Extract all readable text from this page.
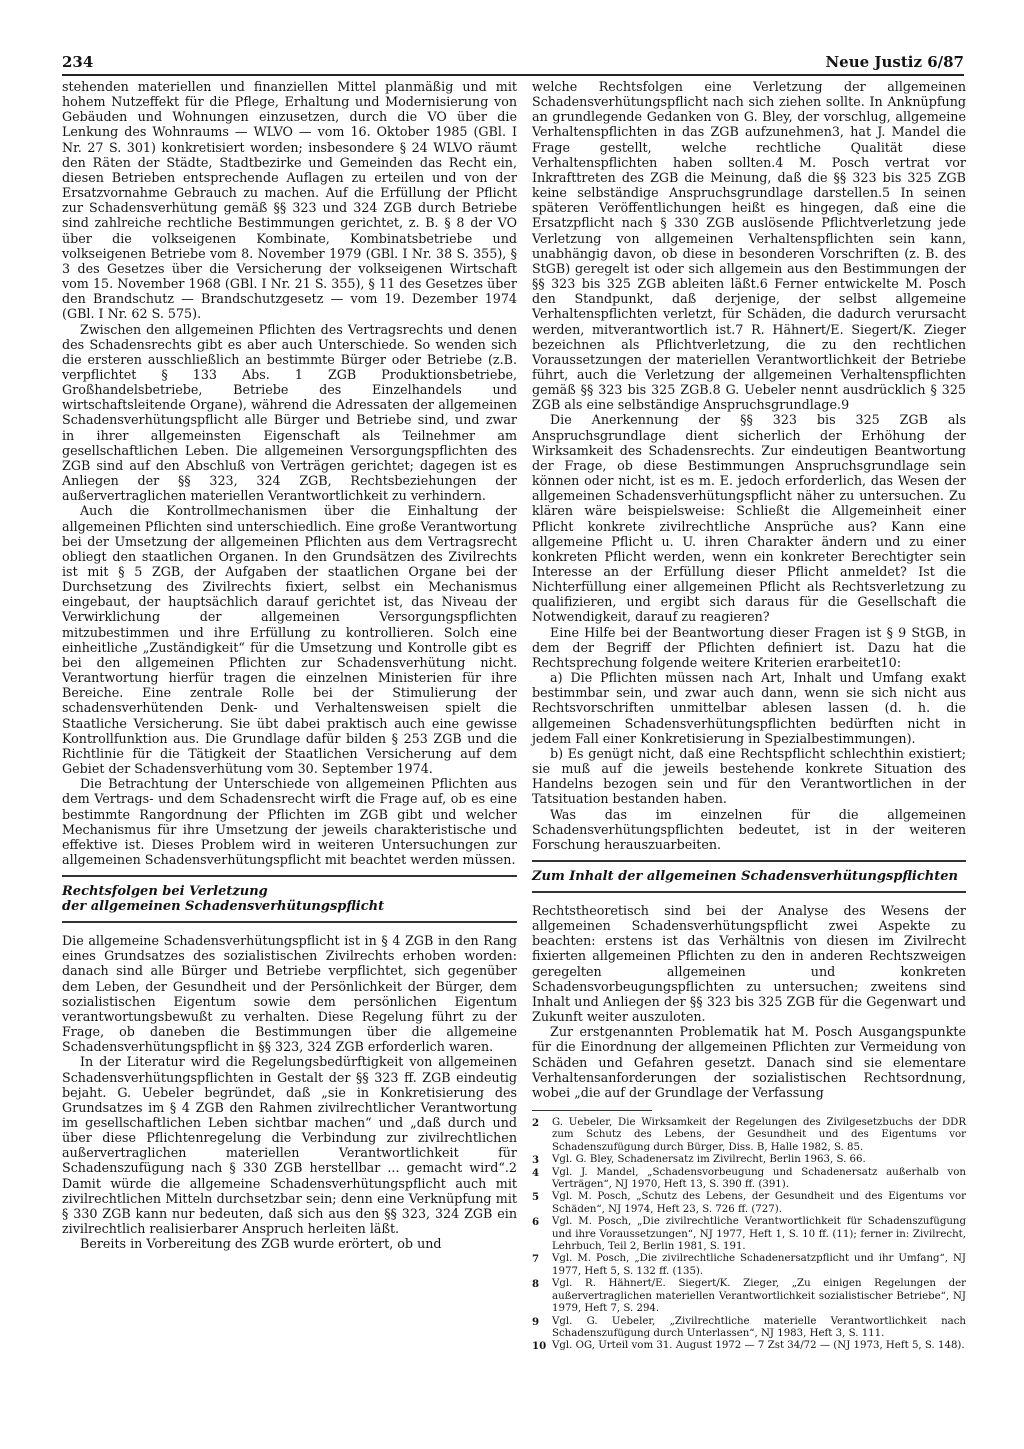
234	Neue Justiz 6/87

stehenden materiellen und finanziellen Mittel planmäßig und mit hohem Nutzeffekt für die Pflege, Erhaltung und Modernisierung von Gebäuden und Wohnungen einzusetzen, durch die VO über die Lenkung des Wohnraums — WLVO — vom 16. Oktober 1985 (GBl. I Nr. 27 S. 301) konkretisiert worden; insbesondere § 24 WLVO räumt den Räten der Städte, Stadtbezirke und Gemeinden das Recht ein, diesen Betrieben entsprechende Auflagen zu erteilen und von der Ersatzvornahme Gebrauch zu machen. Auf die Erfüllung der Pflicht zur Schadensverhütung gemäß §§ 323 und 324 ZGB durch Betriebe sind zahlreiche rechtliche Bestimmungen gerichtet, z. B. § 8 der VO über die volkseigenen Kombinate, Kombinatsbetriebe und volkseigenen Betriebe vom 8. November 1979 (GBl. I Nr. 38 S. 355), § 3 des Gesetzes über die Versicherung der volkseigenen Wirtschaft vom 15. November 1968 (GBl. I Nr. 21 S. 355), § 11 des Gesetzes über den Brandschutz — Brandschutzgesetz — vom 19. Dezember 1974 (GBl. I Nr. 62 S. 575).

Zwischen den allgemeinen Pflichten des Vertragsrechts und denen des Schadensrechts gibt es aber auch Unterschiede. So wenden sich die ersteren ausschließlich an bestimmte Bürger oder Betriebe (z.B. verpflichtet § 133 Abs. 1 ZGB Produktionsbetriebe, Großhandelsbetriebe, Betriebe des Einzelhandels und wirtschaftsleitende Organe), während die Adressaten der allgemeinen Schadensverhütungspflicht alle Bürger und Betriebe sind, und zwar in ihrer allgemeinsten Eigenschaft als Teilnehmer am gesellschaftlichen Leben. Die allgemeinen Versorgungspflichten des ZGB sind auf den Abschluß von Verträgen gerichtet; dagegen ist es Anliegen der §§ 323, 324 ZGB, Rechtsbeziehungen der außervertraglichen materiellen Verantwortlichkeit zu verhindern.

Auch die Kontrollmechanismen über die Einhaltung der allgemeinen Pflichten sind unterschiedlich. Eine große Verantwortung bei der Umsetzung der allgemeinen Pflichten aus dem Vertragsrecht obliegt den staatlichen Organen. In den Grundsätzen des Zivilrechts ist mit § 5 ZGB, der Aufgaben der staatlichen Organe bei der Durchsetzung des Zivilrechts fixiert, selbst ein Mechanismus eingebaut, der hauptsächlich darauf gerichtet ist, das Niveau der Verwirklichung der allgemeinen Versorgungspflichten mitzubestimmen und ihre Erfüllung zu kontrollieren. Solch eine einheitliche „Zuständigkeit“ für die Umsetzung und Kontrolle gibt es bei den allgemeinen Pflichten zur Schadensverhütung nicht. Verantwortung hierfür tragen die einzelnen Ministerien für ihre Bereiche. Eine zentrale Rolle bei der Stimulierung der schadensverhütenden Denk- und Verhaltensweisen spielt die Staatliche Versicherung. Sie übt dabei praktisch auch eine gewisse Kontrollfunktion aus. Die Grundlage dafür bilden § 253 ZGB und die Richtlinie für die Tätigkeit der Staatlichen Versicherung auf dem Gebiet der Schadensverhütung vom 30. September 1974.

Die Betrachtung der Unterschiede von allgemeinen Pflichten aus dem Vertrags- und dem Schadensrecht wirft die Frage auf, ob es eine bestimmte Rangordnung der Pflichten im ZGB gibt und welcher Mechanismus für ihre Umsetzung der jeweils charakteristische und effektive ist. Dieses Problem wird in weiteren Untersuchungen zur allgemeinen Schadensverhütungspflicht mit beachtet werden müssen.

Rechtsfolgen bei Verletzung

der allgemeinen Schadensverhütungspflicht

Die allgemeine Schadensverhütungspflicht ist in § 4 ZGB in den Rang eines Grundsatzes des sozialistischen Zivilrechts erhoben worden: danach sind alle Bürger und Betriebe verpflichtet, sich gegenüber dem Leben, der Gesundheit und der Persönlichkeit der Bürger, dem sozialistischen Eigentum sowie dem persönlichen Eigentum verantwortungsbewußt zu verhalten. Diese Regelung führt zu der Frage, ob daneben die Bestimmungen über die allgemeine Schadensverhütungspflicht in §§ 323, 324 ZGB erforderlich waren.

In der Literatur wird die Regelungsbedürftigkeit von allgemeinen Schadensverhütungspflichten in Gestalt der §§ 323 ff. ZGB eindeutig bejaht. G. Uebeler begründet, daß „sie in Konkretisierung des Grundsatzes im § 4 ZGB den Rahmen zivilrechtlicher Verantwortung im gesellschaftlichen Leben sichtbar machen“ und „daß durch und über diese Pflichtenregelung die Verbindung zur zivilrechtlichen außervertraglichen materiellen Verantwortlichkeit für Schadenszufügung nach § 330 ZGB herstellbar ... gemacht wird“.2 Damit würde die allgemeine Schadensverhütungspflicht auch mit zivilrechtlichen Mitteln durchsetzbar sein; denn eine Verknüpfung mit § 330 ZGB kann nur bedeuten, daß sich aus den §§ 323, 324 ZGB ein zivilrechtlich realisierbarer Anspruch herleiten läßt.

Bereits in Vorbereitung des ZGB wurde erörtert, ob und

welche Rechtsfolgen eine Verletzung der allgemeinen Schadensverhütungspflicht nach sich ziehen sollte. In Anknüpfung an grundlegende Gedanken von G. Bley, der vorschlug, allgemeine Verhaltenspflichten in das ZGB aufzunehmen3, hat J. Mandel die Frage gestellt, welche rechtliche Qualität diese Verhaltenspflichten haben sollten.4 M. Posch vertrat vor Inkrafttreten des ZGB die Meinung, daß die §§ 323 bis 325 ZGB keine selbständige Anspruchsgrundlage darstellen.5 In seinen späteren Veröffentlichungen heißt es hingegen, daß eine die Ersatzpflicht nach § 330 ZGB auslösende Pflichtverletzung jede Verletzung von allgemeinen Verhaltenspflichten sein kann, unabhängig davon, ob diese in besonderen Vorschriften (z. B. des StGB) geregelt ist oder sich allgemein aus den Bestimmungen der §§ 323 bis 325 ZGB ableiten läßt.6 Ferner entwickelte M. Posch den Standpunkt, daß derjenige, der selbst allgemeine Verhaltenspflichten verletzt, für Schäden, die dadurch verursacht werden, mitverantwortlich ist.7 R. Hähnert/E. Siegert/K. Zieger bezeichnen als Pflichtverletzung, die zu den rechtlichen Voraussetzungen der materiellen Verantwortlichkeit der Betriebe führt, auch die Verletzung der allgemeinen Verhaltenspflichten gemäß §§ 323 bis 325 ZGB.8 G. Uebeler nennt ausdrücklich § 325 ZGB als eine selbständige Anspruchsgrundlage.9

Die Anerkennung der §§ 323 bis 325 ZGB als Anspruchsgrundlage dient sicherlich der Erhöhung der Wirksamkeit des Schadensrechts. Zur eindeutigen Beantwortung der Frage, ob diese Bestimmungen Anspruchsgrundlage sein können oder nicht, ist es m. E. jedoch erforderlich, das Wesen der allgemeinen Schadensverhütungspflicht näher zu untersuchen. Zu klären wäre beispielsweise: Schließt die Allgemeinheit einer Pflicht konkrete zivilrechtliche Ansprüche aus? Kann eine allgemeine Pflicht u. U. ihren Charakter ändern und zu einer konkreten Pflicht werden, wenn ein konkreter Berechtigter sein Interesse an der Erfüllung dieser Pflicht anmeldet? Ist die Nichterfüllung einer allgemeinen Pflicht als Rechtsverletzung zu qualifizieren, und ergibt sich daraus für die Gesellschaft die Notwendigkeit, darauf zu reagieren?

Eine Hilfe bei der Beantwortung dieser Fragen ist § 9 StGB, in dem der Begriff der Pflichten definiert ist. Dazu hat die Rechtsprechung folgende weitere Kriterien erarbeitet10:

a) Die Pflichten müssen nach Art, Inhalt und Umfang exakt bestimmbar sein, und zwar auch dann, wenn sie sich nicht aus Rechtsvorschriften unmittelbar ablesen lassen (d. h. die allgemeinen Schadensverhütungspflichten bedürften nicht in jedem Fall einer Konkretisierung in Spezialbestimmungen).

b) Es genügt nicht, daß eine Rechtspflicht schlechthin existiert; sie muß auf die jeweils bestehende konkrete Situation des Handelns bezogen sein und für den Verantwortlichen in der Tatsituation bestanden haben.

Was das im einzelnen für die allgemeinen Schadensverhütungspflichten bedeutet, ist in der weiteren Forschung herauszuarbeiten.

Zum Inhalt der allgemeinen Schadensverhütungspflichten

Rechtstheoretisch sind bei der Analyse des Wesens der allgemeinen Schadensverhütungspflicht zwei Aspekte zu beachten: erstens ist das Verhältnis von diesen im Zivilrecht fixierten allgemeinen Pflichten zu den in anderen Rechtszweigen geregelten allgemeinen und konkreten Schadensvorbeugungspflichten zu untersuchen; zweitens sind Inhalt und Anliegen der §§ 323 bis 325 ZGB für die Gegenwart und Zukunft weiter auszuloten.

Zur erstgenannten Problematik hat M. Posch Ausgangspunkte für die Einordnung der allgemeinen Pflichten zur Vermeidung von Schäden und Gefahren gesetzt. Danach sind sie elementare Verhaltensanforderungen der sozialistischen Rechtsordnung, wobei „die auf der Grundlage der Verfassung

2	G. Uebeler, Die Wirksamkeit der Regelungen des Zivilgesetzbuchs der DDR zum Schutz des Lebens, der Gesundheit und des Eigentums vor Schadenszufügung durch Bürger, Diss. B, Halle 1982, S. 85.
3	Vgl. G. Bley, Schadenersatz im Zivilrecht, Berlin 1963, S. 66.
4	Vgl. J. Mandel, „Schadensvorbeugung und Schadenersatz außerhalb von Verträgen“, NJ 1970, Heft 13, S. 390 ff. (391).
5	Vgl. M. Posch, „Schutz des Lebens, der Gesundheit und des Eigentums vor Schäden“, NJ 1974, Heft 23, S. 726 ff. (727).
6	Vgl. M. Posch, „Die zivilrechtliche Verantwortlichkeit für Schadenszufügung und ihre Voraussetzungen“, NJ 1977, Heft 1, S. 10 ff. (11); ferner in: Zivilrecht, Lehrbuch, Teil 2, Berlin 1981, S. 191.
7	Vgl. M. Posch, „Die zivilrechtliche Schadenersatzpflicht und ihr Umfang“, NJ 1977, Heft 5, S. 132 ff. (135).
8	Vgl. R. Hähnert/E. Siegert/K. Zieger, „Zu einigen Regelungen der außervertraglichen materiellen Verantwortlichkeit sozialistischer Betriebe“, NJ 1979, Heft 7, S. 294.
9	Vgl. G. Uebeler, „Zivilrechtliche materielle Verantwortlichkeit nach Schadenszufügung durch Unterlassen“, NJ 1983, Heft 3, S. 111.
10 Vgl. OG, Urteil vom 31. August 1972 — 7 Zst 34/72 — (NJ 1973, Heft 5, S. 148).
